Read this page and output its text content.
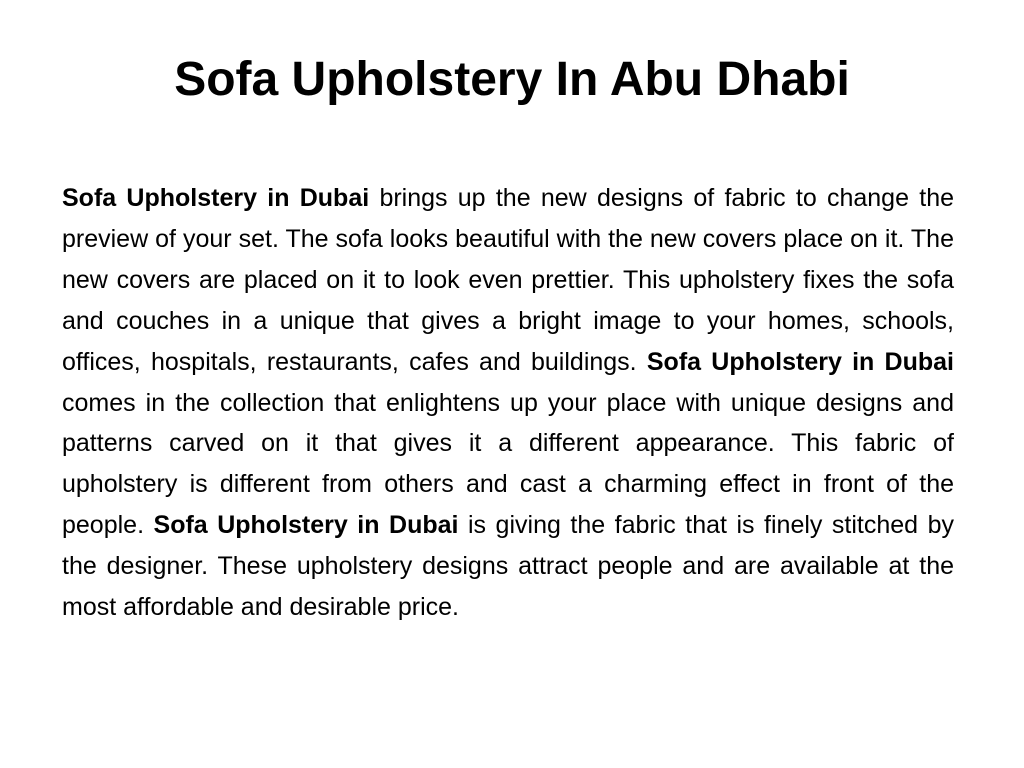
Sofa Upholstery In Abu Dhabi

Sofa Upholstery in Dubai brings up the new designs of fabric to change the preview of your set. The sofa looks beautiful with the new covers place on it. The new covers are placed on it to look even prettier. This upholstery fixes the sofa and couches in a unique that gives a bright image to your homes, schools, offices, hospitals, restaurants, cafes and buildings. Sofa Upholstery in Dubai comes in the collection that enlightens up your place with unique designs and patterns carved on it that gives it a different appearance. This fabric of upholstery is different from others and cast a charming effect in front of the people. Sofa Upholstery in Dubai is giving the fabric that is finely stitched by the designer. These upholstery designs attract people and are available at the most affordable and desirable price.
